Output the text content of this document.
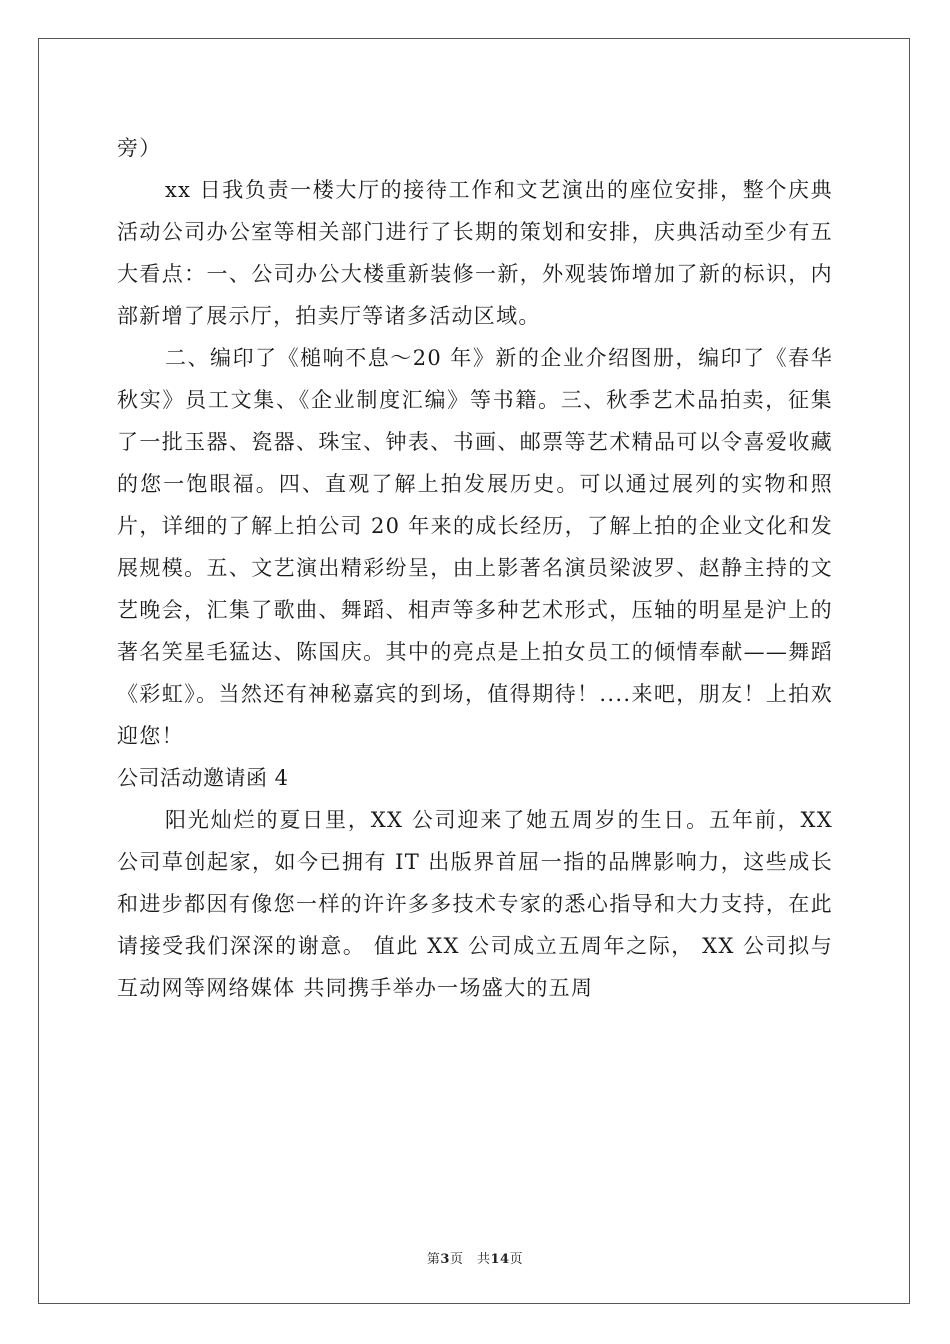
旁）

xx 日我负责一楼大厅的接待工作和文艺演出的座位安排，整个庆典活动公司办公室等相关部门进行了长期的策划和安排，庆典活动至少有五大看点：一、公司办公大楼重新装修一新，外观装饰增加了新的标识，内部新增了展示厅，拍卖厅等诸多活动区域。

二、编印了《槌响不息～20 年》新的企业介绍图册，编印了《春华秋实》员工文集、《企业制度汇编》等书籍。三、秋季艺术品拍卖，征集了一批玉器、瓷器、珠宝、钟表、书画、邮票等艺术精品可以令喜爱收藏的您一饱眼福。四、直观了解上拍发展历史。可以通过展列的实物和照片，详细的了解上拍公司 20 年来的成长经历，了解上拍的企业文化和发展规模。五、文艺演出精彩纷呈，由上影著名演员梁波罗、赵静主持的文艺晚会，汇集了歌曲、舞蹈、相声等多种艺术形式，压轴的明星是沪上的著名笑星毛猛达、陈国庆。其中的亮点是上拍女员工的倾情奉献——舞蹈《彩虹》。当然还有神秘嘉宾的到场，值得期待！....来吧，朋友！上拍欢迎您！

公司活动邀请函 4

阳光灿烂的夏日里，XX 公司迎来了她五周岁的生日。五年前，XX 公司草创起家，如今已拥有 IT 出版界首屈一指的品牌影响力，这些成长和进步都因有像您一样的许许多多技术专家的悉心指导和大力支持，在此请接受我们深深的谢意。 值此 XX 公司成立五周年之际， XX 公司拟与互动网等网络媒体 共同携手举办一场盛大的五周

第3页　共14页
